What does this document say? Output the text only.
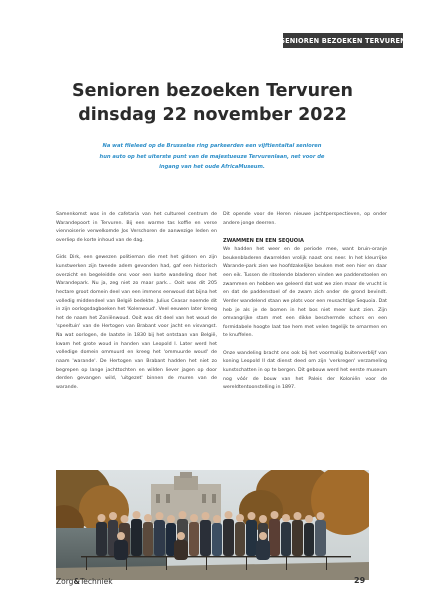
SENIOREN BEZOEKEN TERVUREN
Senioren bezoeken Tervuren
dinsdag 22 november 2022
Na wat fileleed op de Brusselse ring parkeerden een vijftientaltal senioren
hun auto op het uiterste punt van de majestueuze Tervurenlaan, net voor de
ingang van het oude AfricaMuseum.

Samenkomst was in de cafetaria van het cultureel centrum de Warandepoort in Tervuren. Bij een warme tas koffie en verse viennoiserie verwelkomde Jos Verschoren de aanwezige leden en overliep de korte inhoud van de dag.

Gids Dirk, een gewezen politieman die met het gidsen en zijn kunstwerken zijn tweede adem gevonden had, gaf een historisch overzicht en begeleidde ons voor een korte wandeling door het Warandepark. Nu ja, zeg niet zo maar park… Ooit was dit 205 hectare groot domein deel van een immens eenwoud dat bijna het volledig middendeel van België bedekte. Julius Ceasar noemde dit in zijn oorlogsdagboeken het 'Kolenwoud'. Veel eeuwen later kreeg het de naam het Zoniënwoud. Ooit was dit deel van het woud de 'speeltuin' van de Hertogen van Brabant voor jacht en visvangst. Na wat oorlogen, de laatste in 1830 bij het ontstaan van België, kwam het grote woud in handen van Leopold I. Later werd het volledige domein ommuurd en kreeg het 'ommuurde woud' de naam 'warande'. De Hertogen van Brabant hadden het niet zo begrepen op lange jachttochten en wilden liever jagen op door derden gevangen wild, 'uitgezet' binnen de muren van de warande.

Dit opende voor de Heren nieuwe jachtperspectieven, op onder andere jonge deerren.

ZWAMMEN EN EEN SEQUOIA

We hadden het weer en de periode mee, want bruin-oranje beukenbladeren dwarrelden vrolijk naast ons neer. In het kleurrijke Warande-park zien we hoofdzakelijke beuken met een hier en daar een eik. Tussen de ritselende bladeren vinden we paddenstoelen en zwammen en hebben we geleerd dat wat we zien maar de vrucht is en dat de paddenstoel of de zwam zich onder de grond bevindt. Verder wandelend staan we plots voor een reusachtige Sequoia. Dat heb je als je de bomen in het bos niet meer kunt zien. Zijn omvangrijke stam met een dikke beschermde schors en een formidabele hoogte laat toe hem met velen tegelijk te omarmen en te knuffelen.

Onze wandeling bracht ons ook bij het voormalig buitenverblijf van koning Leopold II dat dienst deed om zijn 'verkregen' verzameling kunstschatten in op te bergen. Dit gebouw werd het eerste museum nog vóór de bouw van het Paleis der Koloniën voor de wereldtentoonstelling in 1897.

Zorg&Techniek	29
